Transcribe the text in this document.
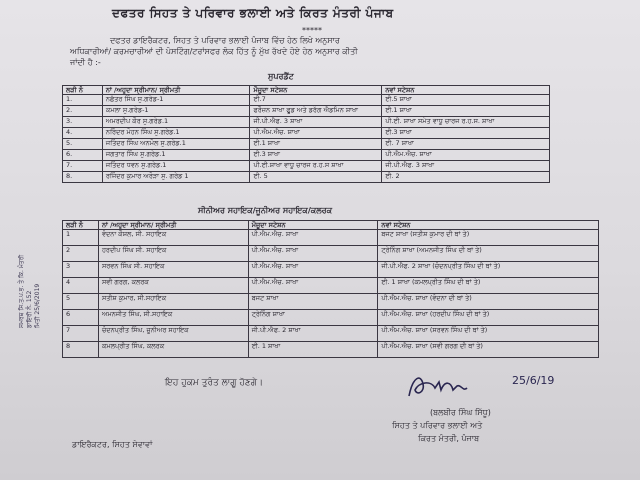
ਦਫਤਰ ਸਿਹਤ ਤੇ ਪਰਿਵਾਰ ਭਲਾਈ ਅਤੇ ਕਿਰਤ ਮੰਤਰੀ ਪੰਜਾਬ
*****
ਦਫਤਰ ਡਾਇਰੈਕਟਰ, ਸਿਹਤ ਤੇ ਪਰਿਵਾਰ ਭਲਾਈ ਪੰਜਾਬ ਵਿੱਚ ਹੇਠ ਲਿਖੇ ਅਨੁਸਾਰ
ਅਧਿਕਾਰੀਆਂ/ ਕਰਮਚਾਰੀਆਂ ਦੀ ਪੋਸਟਿੰਗ/ਟਰਾਂਸਫਰ ਲੋਕ ਹਿੱਤ ਨੂੰ ਮੁੱਖ ਰੱਖਦੇ ਹੋਏ ਹੇਠ ਅਨੁਸਾਰ ਕੀਤੀ
ਜਾਂਦੀ ਹੈ :-
ਸੁਪਰਡੈਂਟ
ਲੜੀ ਨੰ	ਨਾਂ /ਅਹੁਦਾ ਸ੍ਰੀਮਾਨ/ ਸ੍ਰੀਮਤੀ	ਮੌਜੂਦਾ ਸਟੇਸ਼ਨ	ਨਵਾਂ ਸਟੇਸ਼ਨ
1.	ਨਛੱਤਰ ਸਿੰਘ ਸੁ.ਗਰੇਡ-1	ਈ.7	ਈ.5 ਸ਼ਾਖਾ
2.	ਕਮਲਾ ਸੁ.ਗਰੇਡ-1	ਫਰੌਜ਼ਨ ਸ਼ਾਖਾ ਫੂਡ ਅਤੇ ਡਰੱਗ ਐਡਮਿਨ ਸ਼ਾਖਾ	ਈ.1 ਸ਼ਾਖਾ
3.	ਅਮਰਦੀਪ ਕੌਰ ਸੁ.ਗਰੇਡ.1	ਜੀ.ਪੀ.ਐਫ. 3 ਸ਼ਾਖਾ	ਪੀ.ਈ. ਸ਼ਾਖਾ ਸਮੇਤ ਵਾਧੂ ਚਾਰਜ ਰ.ਹ.ਸ. ਸ਼ਾਖਾ
4.	ਨਰਿੰਦਰ ਮੋਹਨ ਸਿੰਘ ਸੁ.ਗਰੇਡ.1	ਪੀ.ਐਮ.ਐਚ. ਸ਼ਾਖਾ	ਈ.3 ਸ਼ਾਖਾ
5.	ਜਤਿੰਦਰ ਸਿੰਘ ਅਨਮੋਲ ਸੁ.ਗਰੇਡ.1	ਈ.1 ਸ਼ਾਖਾ	ਈ. 7 ਸ਼ਾਖਾ
6.	ਜਗਤਾਰ ਸਿੰਘ ਸੁ.ਗਰੇਡ.1	ਈ.3 ਸ਼ਾਖਾ	ਪੀ.ਐਮ.ਐਚ. ਸ਼ਾਖਾ
7.	ਜਤਿੰਦਰ ਧਵਨ ਸੁ.ਗਰੇਡ.1	ਪੀ.ਈ.ਸ਼ਾਖਾ ਵਾਧੂ ਚਾਰਜ ਰ.ਹ.ਸ ਸ਼ਾਖਾ	ਜੀ.ਪੀ.ਐਫ. 3 ਸ਼ਾਖਾ
8.	ਰਜਿੰਦਰ ਕੁਮਾਰ ਅਰੋੜਾ ਸੁ. ਗਰੇਡ 1	ਈ. 5	ਈ. 2
ਸੀਨੀਅਰ ਸਹਾਇਕ/ਜੂਨੀਅਰ ਸਹਾਇਕ/ਕਲਰਕ
ਲੜੀ ਨੰ	ਨਾਂ /ਅਹੁਦਾ ਸ੍ਰੀਮਾਨ/ ਸ੍ਰੀਮਤੀ	ਮੌਜੂਦਾ ਸਟੇਸ਼ਨ	ਨਵਾਂ ਸਟੇਸ਼ਨ
1	ਵੰਦਨਾ ਕੌਸ਼ਲ, ਸੀ. ਸਹਾਇਕ	ਪੀ.ਐਮ.ਐਚ. ਸ਼ਾਖਾ	ਬਜਟ ਸ਼ਾਖਾ (ਸਤੀਸ਼ ਕੁਮਾਰ ਦੀ ਥਾਂ ਤੇ)
2	ਹਰਦੀਪ ਸਿੰਘ ਸੀ. ਸਹਾਇਕ	ਪੀ.ਐਮ.ਐਚ. ਸ਼ਾਖਾ	ਟ੍ਰੇਨਿੰਗ ਸ਼ਾਖਾ (ਅਮਨਜੀਤ ਸਿੰਘ ਦੀ ਥਾਂ ਤੇ)
3	ਸਰਵਨ ਸਿੰਘ ਸੀ. ਸਹਾਇਕ	ਪੀ.ਐਮ.ਐਚ. ਸ਼ਾਖਾ	ਜੀ.ਪੀ.ਐਫ. 2 ਸ਼ਾਖਾ (ਚੰਦਨਪ੍ਰੀਤ ਸਿੰਘ ਦੀ ਥਾਂ ਤੇ)
4	ਸਵੀ ਗਰਗ, ਕਲਰਕ	ਪੀ.ਐਮ.ਐਚ. ਸ਼ਾਖਾ	ਈ. 1 ਸ਼ਾਖਾ (ਕਮਲਪ੍ਰੀਤ ਸਿੰਘ ਦੀ ਥਾਂ ਤੇ)
5	ਸਤੀਸ਼ ਕੁਮਾਰ, ਸੀ.ਸਹਾਇਕ	ਬਜਟ ਸ਼ਾਖਾ	ਪੀ.ਐਮ.ਐਚ. ਸ਼ਾਖਾ (ਵੰਦਨਾ ਦੀ ਥਾਂ ਤੇ)
6	ਅਮਨਜੀਤ ਸਿੰਘ, ਸੀ.ਸਹਾਇਕ	ਟ੍ਰੇਨਿੰਗ ਸ਼ਾਖਾ	ਪੀ.ਐਮ.ਐਚ. ਸ਼ਾਖਾ (ਹਰਦੀਪ ਸਿੰਘ ਦੀ ਥਾਂ ਤੇ)
7	ਚੰਦਨਪ੍ਰੀਤ ਸਿੰਘ, ਜੂਨੀਅਰ ਸਹਾਇਕ	ਜੀ.ਪੀ.ਐਫ. 2 ਸ਼ਾਖਾ	ਪੀ.ਐਮ.ਐਚ. ਸ਼ਾਖਾ (ਸਰਵਨ ਸਿੰਘ ਦੀ ਥਾਂ ਤੇ)
8	ਕਮਲਪ੍ਰੀਤ ਸਿੰਘ, ਕਲਰਕ	ਈ. 1 ਸ਼ਾਖਾ	ਪੀ.ਐਮ.ਐਚ. ਸ਼ਾਖਾ (ਸਵੀ ਗਰਗ ਦੀ ਥਾਂ ਤੇ)
ਸਮਰਥ ਸਿ.ਤ.ਪ.ਭ. ਤੇ ਕਿ. ਮੰਤਰੀ ਡਾਇਰੀ ਨੰ. 152 ਮਿਤੀ 25/6/2019
ਇਹ ਹੁਕਮ ਤੁਰੰਤ ਲਾਗੂ ਹੋਣਗੇ।	25/6/19
(ਬਲਬੀਰ ਸਿੰਘ ਸਿੱਧੂ)
ਸਿਹਤ ਤੇ ਪਰਿਵਾਰ ਭਲਾਈ ਅਤੇ
ਕਿਰਤ ਮੰਤਰੀ, ਪੰਜਾਬ
ਡਾਇਰੈਕਟਰ, ਸਿਹਤ ਸੇਵਾਵਾਂ
